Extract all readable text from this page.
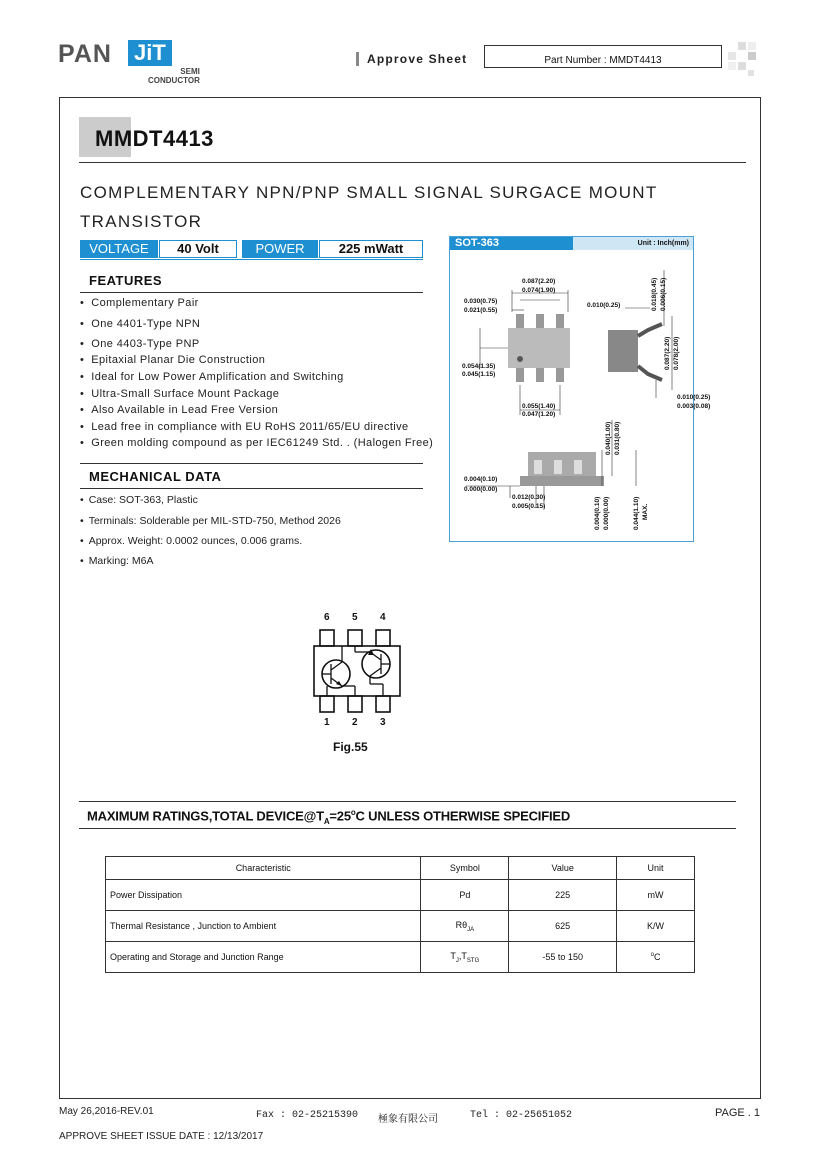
PAN JiT
SEMI
CONDUCTOR
Approve Sheet	Part Number : MMDT4413
MMDT4413
COMPLEMENTARY NPN/PNP SMALL SIGNAL SURGACE MOUNT
TRANSISTOR
VOLTAGE	40 Volt	POWER	225 mWatt
FEATURES
• Complementary Pair
• One 4401-Type NPN
• One 4403-Type PNP
• Epitaxial Planar Die Construction
• Ideal for Low Power Amplification and Switching
• Ultra-Small Surface Mount Package
• Also Available in Lead Free Version
• Lead free in compliance with EU RoHS 2011/65/EU directive
• Green molding compound as per IEC61249 Std. . (Halogen Free)
MECHANICAL DATA
• Case: SOT-363, Plastic
• Terminals: Solderable per MIL-STD-750, Method 2026
• Approx. Weight: 0.0002 ounces, 0.006 grams.
• Marking: M6A
SOT-363	Unit : Inch(mm)
0.087(2.20)
0.074(1.90)
0.030(0.75)
0.021(0.55)
0.054(1.35)
0.045(1.15)
0.055(1.40)
0.047(1.20)
0.010(0.25)
0.010(0.25)
0.003(0.08)
0.004(0.10)
0.000(0.00)
0.012(0.30)
0.005(0.15)
0.018(0.45) 0.006(0.15)
0.087(2.20) 0.078(2.00)
0.040(1.00) 0.031(0.80)
0.004(0.10) 0.000(0.00)	0.044(1.10) MAX.
6 5 4
1 2 3
Fig.55
MAXIMUM RATINGS,TOTAL $DEVICE@T_A=25^oC$ UNLESS OTHERWISE SPECIFIED
Characteristic	Symbol	Value	Unit
Power Dissipation	Pd	225	mW
Thermal Resistance , Junction to Ambient	$R\theta_{JA}$	625	K/W
Operating and Storage and Junction Range	$T_J,T_{STG}$	-55 to 150	$^o$C
May 26,2016-REV.01	Fax : 02-25215390 極象有限公司	Tel : 02-25651052	PAGE . 1
APPROVE SHEET ISSUE DATE : 12/13/2017
